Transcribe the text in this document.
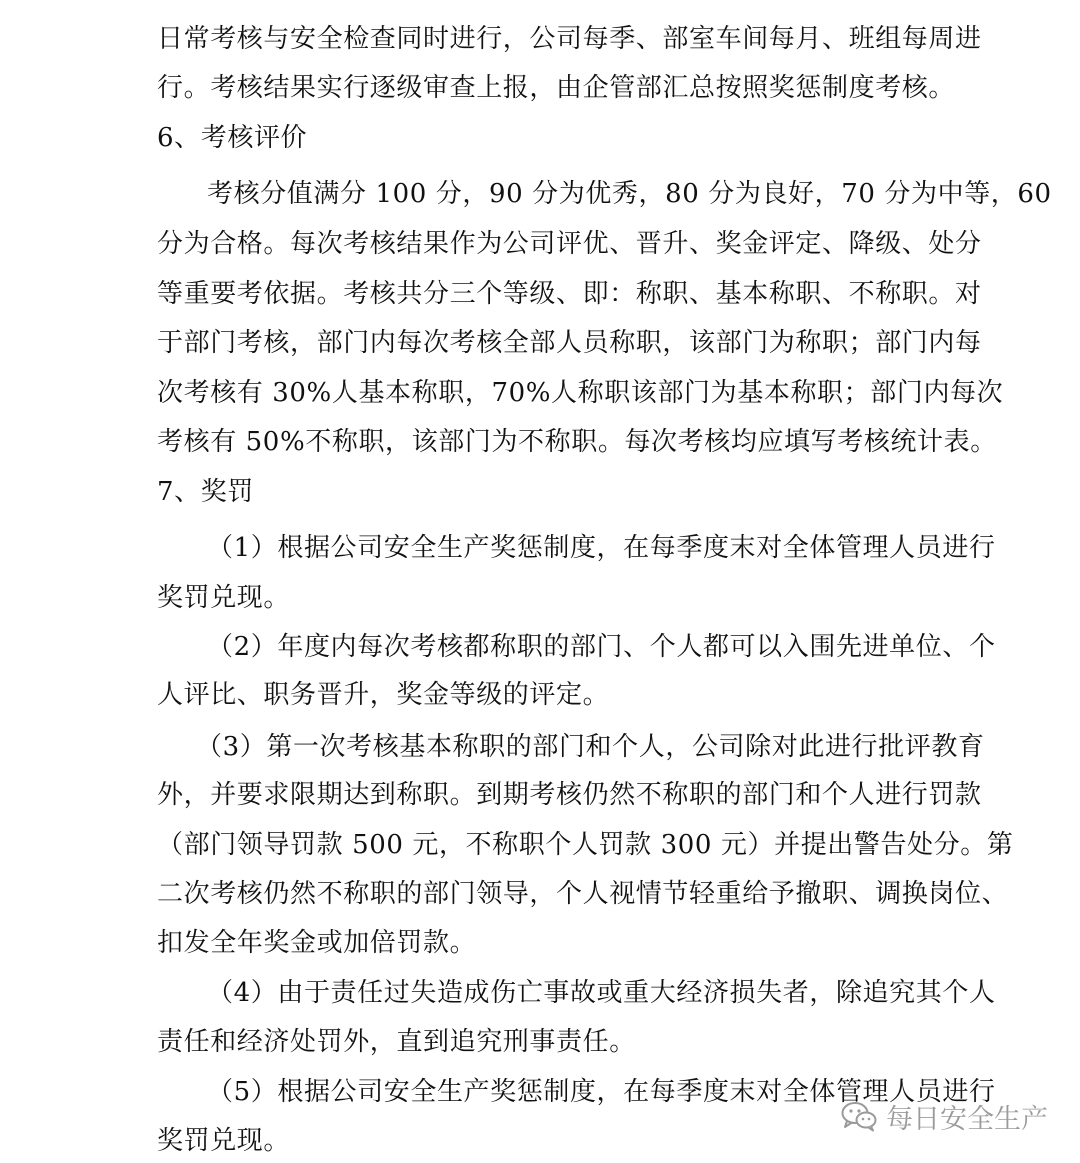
日常考核与安全检查同时进行，公司每季、部室车间每月、班组每周进
行。考核结果实行逐级审查上报，由企管部汇总按照奖惩制度考核。
6、考核评价
考核分值满分 100 分，90 分为优秀，80 分为良好，70 分为中等，60
分为合格。每次考核结果作为公司评优、晋升、奖金评定、降级、处分
等重要考依据。考核共分三个等级、即：称职、基本称职、不称职。对
于部门考核，部门内每次考核全部人员称职，该部门为称职；部门内每
次考核有 30%人基本称职，70%人称职该部门为基本称职；部门内每次
考核有 50%不称职，该部门为不称职。每次考核均应填写考核统计表。
7、奖罚
（1）根据公司安全生产奖惩制度，在每季度末对全体管理人员进行
奖罚兑现。
（2）年度内每次考核都称职的部门、个人都可以入围先进单位、个
人评比、职务晋升，奖金等级的评定。
（3）第一次考核基本称职的部门和个人，公司除对此进行批评教育
外，并要求限期达到称职。到期考核仍然不称职的部门和个人进行罚款
（部门领导罚款 500 元，不称职个人罚款 300 元）并提出警告处分。第
二次考核仍然不称职的部门领导，个人视情节轻重给予撤职、调换岗位、
扣发全年奖金或加倍罚款。
（4）由于责任过失造成伤亡事故或重大经济损失者，除追究其个人
责任和经济处罚外，直到追究刑事责任。
（5）根据公司安全生产奖惩制度，在每季度末对全体管理人员进行
奖罚兑现。
每日安全生产
